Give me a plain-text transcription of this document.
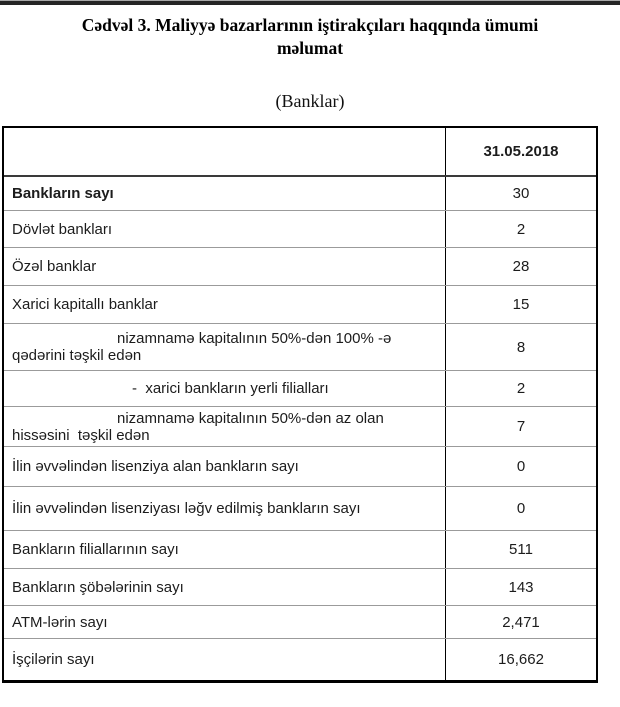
Cədvəl 3. Maliyyə bazarlarının iştirakçıları haqqında ümumi
məlumat
(Banklar)
31.05.2018
Bankların sayı	30
Dövlət bankları	2
Özəl banklar	28
Xarici kapitallı banklar	15
nizamnamə kapitalının 50%-dən 100% -ə
qədərini təşkil edən	8
-  xarici bankların yerli filialları	2
nizamnamə kapitalının 50%-dən az olan
hissəsini  təşkil edən	7
İlin əvvəlindən lisenziya alan bankların sayı	0
İlin əvvəlindən lisenziyası ləğv edilmiş bankların sayı	0
Bankların filiallarının sayı	511
Bankların şöbələrinin sayı	143
ATM-lərin sayı	2,471
İşçilərin sayı	16,662
